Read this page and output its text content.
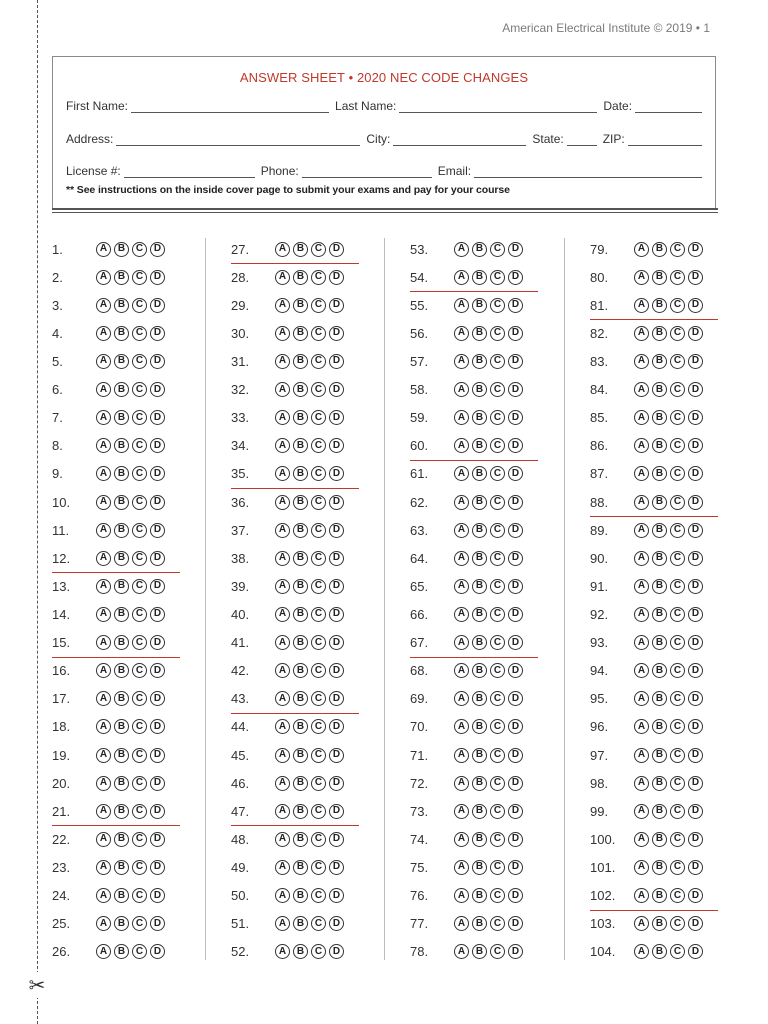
✂
American Electrical Institute © 2019 • 1
ANSWER SHEET • 2020 NEC CODE CHANGES
First Name:	Last Name:	Date:
Address:	City:	State:	ZIP:
License #:	Phone:	Email:
** See instructions on the inside cover page to submit your exams and pay for your course
1.	A	B	C	D
2.	A	B	C	D
3.	A	B	C	D
4.	A	B	C	D
5.	A	B	C	D
6.	A	B	C	D
7.	A	B	C	D
8.	A	B	C	D
9.	A	B	C	D
10.	A	B	C	D
11.	A	B	C	D
12.	A	B	C	D
13.	A	B	C	D
14.	A	B	C	D
15.	A	B	C	D
16.	A	B	C	D
17.	A	B	C	D
18.	A	B	C	D
19.	A	B	C	D
20.	A	B	C	D
21.	A	B	C	D
22.	A	B	C	D
23.	A	B	C	D
24.	A	B	C	D
25.	A	B	C	D
26.	A	B	C	D
27.	A	B	C	D
28.	A	B	C	D
29.	A	B	C	D
30.	A	B	C	D
31.	A	B	C	D
32.	A	B	C	D
33.	A	B	C	D
34.	A	B	C	D
35.	A	B	C	D
36.	A	B	C	D
37.	A	B	C	D
38.	A	B	C	D
39.	A	B	C	D
40.	A	B	C	D
41.	A	B	C	D
42.	A	B	C	D
43.	A	B	C	D
44.	A	B	C	D
45.	A	B	C	D
46.	A	B	C	D
47.	A	B	C	D
48.	A	B	C	D
49.	A	B	C	D
50.	A	B	C	D
51.	A	B	C	D
52.	A	B	C	D
53.	A	B	C	D
54.	A	B	C	D
55.	A	B	C	D
56.	A	B	C	D
57.	A	B	C	D
58.	A	B	C	D
59.	A	B	C	D
60.	A	B	C	D
61.	A	B	C	D
62.	A	B	C	D
63.	A	B	C	D
64.	A	B	C	D
65.	A	B	C	D
66.	A	B	C	D
67.	A	B	C	D
68.	A	B	C	D
69.	A	B	C	D
70.	A	B	C	D
71.	A	B	C	D
72.	A	B	C	D
73.	A	B	C	D
74.	A	B	C	D
75.	A	B	C	D
76.	A	B	C	D
77.	A	B	C	D
78.	A	B	C	D
79.	A	B	C	D
80.	A	B	C	D
81.	A	B	C	D
82.	A	B	C	D
83.	A	B	C	D
84.	A	B	C	D
85.	A	B	C	D
86.	A	B	C	D
87.	A	B	C	D
88.	A	B	C	D
89.	A	B	C	D
90.	A	B	C	D
91.	A	B	C	D
92.	A	B	C	D
93.	A	B	C	D
94.	A	B	C	D
95.	A	B	C	D
96.	A	B	C	D
97.	A	B	C	D
98.	A	B	C	D
99.	A	B	C	D
100.	A	B	C	D
101.	A	B	C	D
102.	A	B	C	D
103.	A	B	C	D
104.	A	B	C	D
